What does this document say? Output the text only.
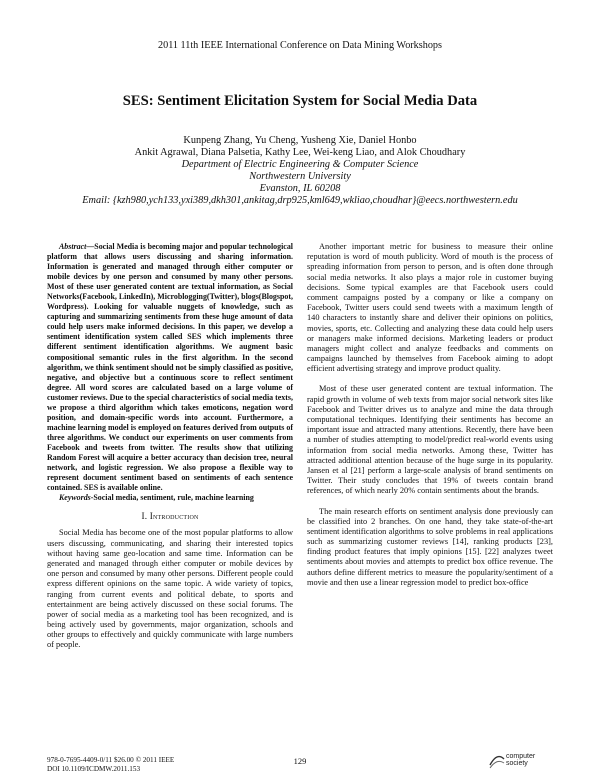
2011 11th IEEE International Conference on Data Mining Workshops
SES: Sentiment Elicitation System for Social Media Data
Kunpeng Zhang, Yu Cheng, Yusheng Xie, Daniel Honbo
Ankit Agrawal, Diana Palsetia, Kathy Lee, Wei-keng Liao, and Alok Choudhary
Department of Electric Engineering & Computer Science
Northwestern University
Evanston, IL 60208
Email: {kzh980,ych133,yxi389,dkh301,ankitag,drp925,kml649,wkliao,choudhar}@eecs.northwestern.edu

Abstract—Social Media is becoming major and popular technological platform that allows users discussing and sharing information. Information is generated and managed through either computer or mobile devices by one person and consumed by many other persons. Most of these user generated content are textual information, as Social Networks(Facebook, LinkedIn), Microblogging(Twitter), blogs(Blogspot, Wordpress). Looking for valuable nuggets of knowledge, such as capturing and summarizing sentiments from these huge amount of data could help users make informed decisions. In this paper, we develop a sentiment identification system called SES which implements three different sentiment identification algorithms. We augment basic compositional semantic rules in the first algorithm. In the second algorithm, we think sentiment should not be simply classified as positive, negative, and objective but a continuous score to reflect sentiment degree. All word scores are calculated based on a large volume of customer reviews. Due to the special characteristics of social media texts, we propose a third algorithm which takes emoticons, negation word position, and domain-specific words into account. Furthermore, a machine learning model is employed on features derived from outputs of three algorithms. We conduct our experiments on user comments from Facebook and tweets from twitter. The results show that utilizing Random Forest will acquire a better accuracy than decision tree, neural network, and logistic regression. We also propose a flexible way to represent document sentiment based on sentiments of each sentence contained. SES is available online.

Keywords-Social media, sentiment, rule, machine learning

I. Introduction

Social Media has become one of the most popular platforms to allow users discussing, communicating, and sharing their interested topics without having same geo-location and same time. Information can be generated and managed through either computer or mobile devices by one person and consumed by many other persons. Different people could express different opinions on the same topic. A wide variety of topics, ranging from current events and political debate, to sports and entertainment are being actively discussed on these social forums. The power of social media as a marketing tool has been recognized, and is being actively used by governments, major organization, schools and other groups to effectively and quickly communicate with large numbers of people.

Another important metric for business to measure their online reputation is word of mouth publicity. Word of mouth is the process of spreading information from person to person, and is often done through social media networks. It also plays a major role in customer buying decisions. Some typical examples are that Facebook users could comment campaigns posted by a company or like a company on Facebook, Twitter users could send tweets with a maximum length of 140 characters to instantly share and deliver their opinions on politics, movies, sports, etc. Collecting and analyzing these data could help users or managers make informed decisions. Marketing leaders or product managers might collect and analyze feedbacks and comments on campaigns launched by themselves from Facebook aiming to adopt efficient advertising strategy and improve product quality.

Most of these user generated content are textual information. The rapid growth in volume of web texts from major social network sites like Facebook and Twitter drives us to analyze and mine the data through computational techniques. Identifying their sentiments has become an important issue and attracted many attentions. Recently, there have been a number of studies attempting to model/predict real-world events using information from social media networks. Among these, Twitter has attracted additional attention because of the huge surge in its popularity. Jansen et al [21] perform a large-scale analysis of brand sentiments on Twitter. Their study concludes that 19% of tweets contain brand references, of which nearly 20% contain sentiments about the brands.

The main research efforts on sentiment analysis done previously can be classified into 2 branches. On one hand, they take state-of-the-art sentiment identification algorithms to solve problems in real applications such as summarizing customer reviews [14], ranking products [23], finding product features that imply opinions [15]. [22] analyzes tweet sentiments about movies and attempts to predict box office revenue. The authors define different metrics to measure the popularity/sentiment of a movie and then use a linear regression model to predict box-office

978-0-7695-4409-0/11 $26.00 © 2011 IEEE
DOI 10.1109/ICDMW.2011.153
129	computer
society
